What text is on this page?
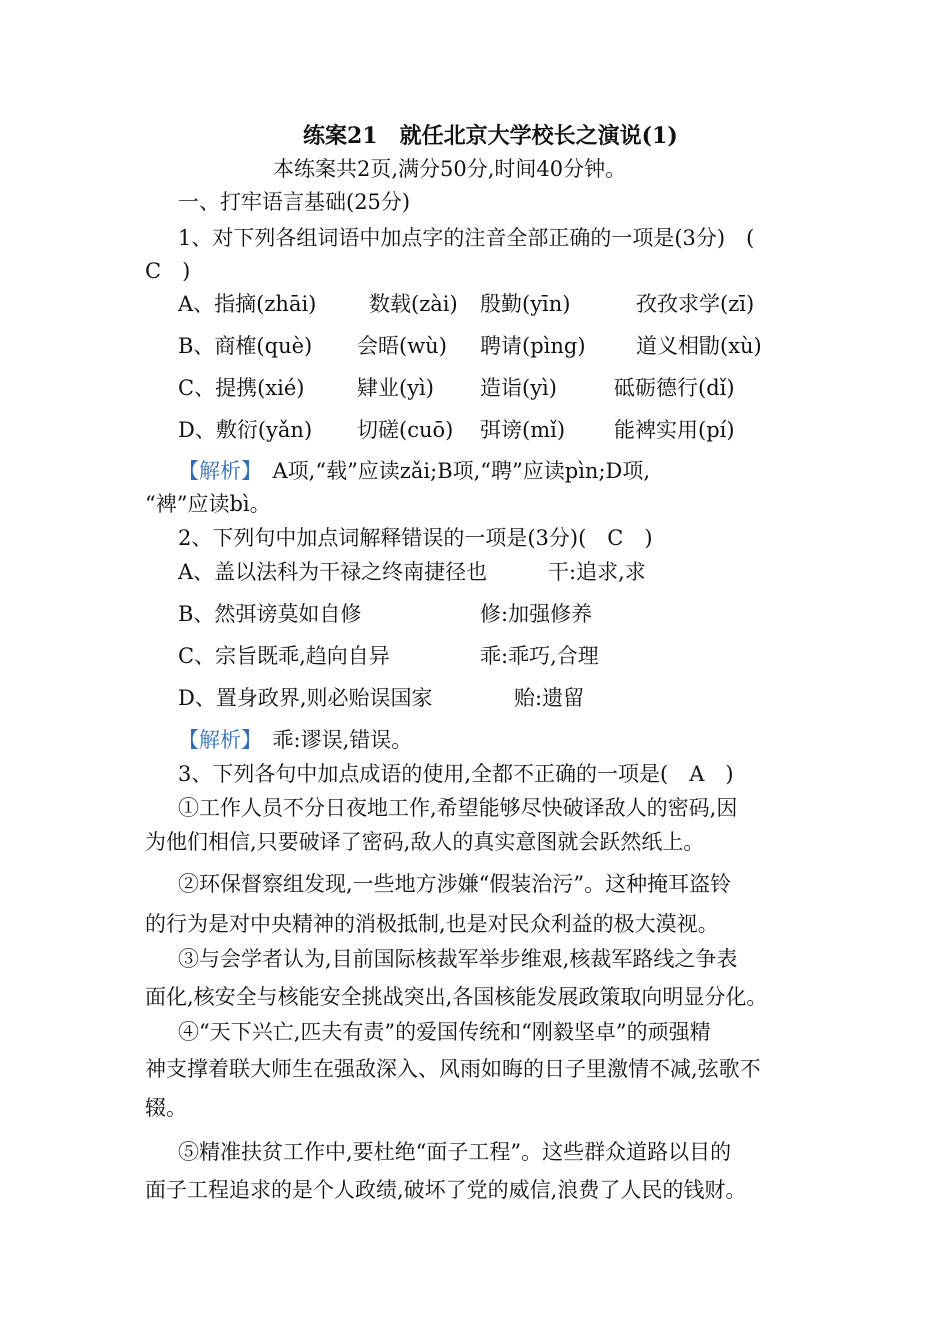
练案21　就任北京大学校长之演说(1)
本练案共2页,满分50分,时间40分钟。
一、打牢语言基础(25分)
1、对下列各组词语中加点字的注音全部正确的一项是(3分)　(
C　)
A、指摘(zhāi)	数载(zài) 殷勤(yīn)	孜孜求学(zī)
B、商榷(què) 会晤(wù) 聘请(pìng) 道义相勖(xù)
C、提携(xié)	肄业(yì) 造诣(yì)	砥砺德行(dǐ)
D、敷衍(yǎn) 切磋(cuō) 弭谤(mǐ) 能裨实用(pí)
【解析】　 A项,“载”应读zǎi;B项,“聘”应读pìn;D项,
“裨”应读bì。
2、下列句中加点词解释错误的一项是(3分)(　C　)
A、盖以法科为干禄之终南捷径也	干:追求,求
B、然弭谤莫如自修	修:加强修养
C、宗旨既乖,趋向自异	乖:乖巧,合理
D、置身政界,则必贻误国家	贻:遗留
【解析】　 乖:谬误,错误。
3、下列各句中加点成语的使用,全都不正确的一项是(　A　)
①工作人员不分日夜地工作,希望能够尽快破译敌人的密码,因
为他们相信,只要破译了密码,敌人的真实意图就会跃然纸上。
②环保督察组发现,一些地方涉嫌“假装治污”。这种掩耳盗铃
的行为是对中央精神的消极抵制,也是对民众利益的极大漠视。
③与会学者认为,目前国际核裁军举步维艰,核裁军路线之争表
面化,核安全与核能安全挑战突出,各国核能发展政策取向明显分化。
④“天下兴亡,匹夫有责”的爱国传统和“刚毅坚卓”的顽强精
神支撑着联大师生在强敌深入、风雨如晦的日子里激情不减,弦歌不
辍。
⑤精准扶贫工作中,要杜绝“面子工程”。这些群众道路以目的
面子工程追求的是个人政绩,破坏了党的威信,浪费了人民的钱财。
